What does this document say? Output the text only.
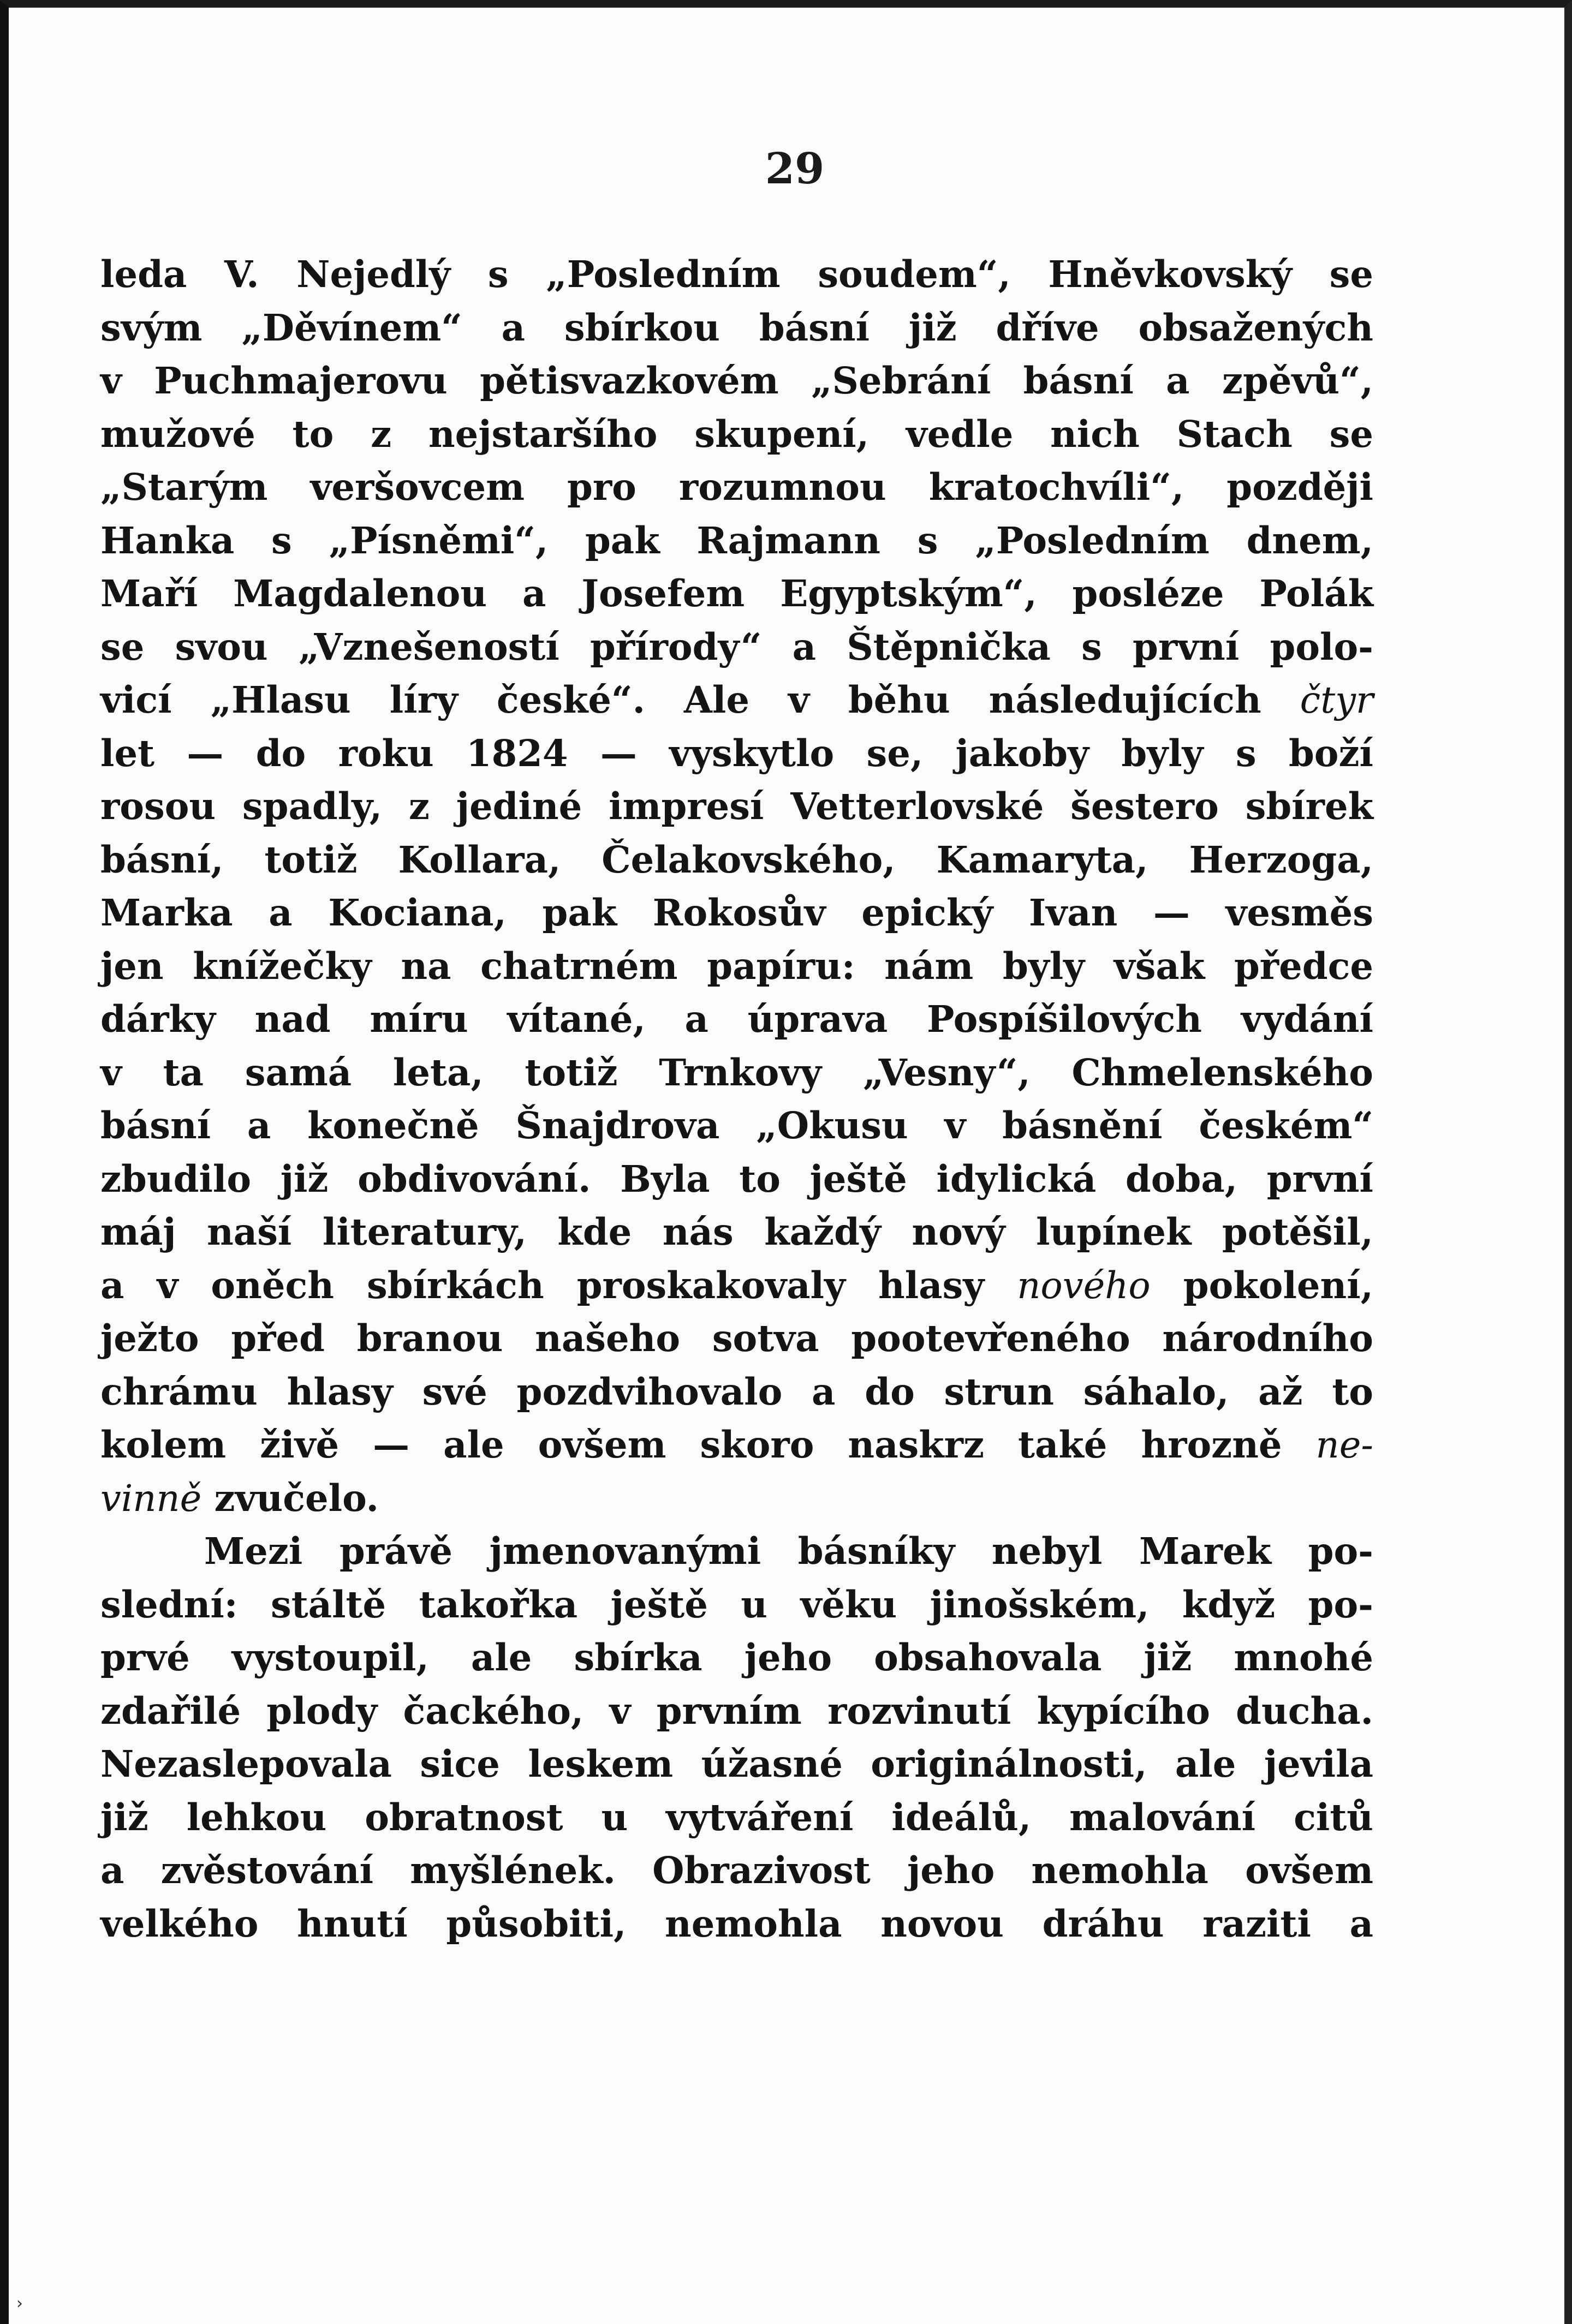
29
leda V. Nejedlý s „Posledním soudem“, Hněvkovský se
svým „Děvínem“ a sbírkou básní již dříve obsažených
v Puchmajerovu pětisvazkovém „Sebrání básní a zpěvů“,
mužové to z nejstaršího skupení, vedle nich Stach se
„Starým veršovcem pro rozumnou kratochvíli“, později
Hanka s „Písněmi“, pak Rajmann s „Posledním dnem,
Maří Magdalenou a Josefem Egyptským“, posléze Polák
se svou „Vznešeností přírody“ a Štěpnička s první polo-
vicí „Hlasu líry české“. Ale v běhu následujících čtyr
let — do roku 1824 — vyskytlo se, jakoby byly s boží
rosou spadly, z jediné impresí Vetterlovské šestero sbírek
básní, totiž Kollara, Čelakovského, Kamaryta, Herzoga,
Marka a Kociana, pak Rokosův epický Ivan — vesměs
jen knížečky na chatrném papíru: nám byly však předce
dárky nad míru vítané, a úprava Pospíšilových vydání
v ta samá leta, totiž Trnkovy „Vesny“, Chmelenského
básní a konečně Šnajdrova „Okusu v básnění českém“
zbudilo již obdivování. Byla to ještě idylická doba, první
máj naší literatury, kde nás každý nový lupínek potěšil,
a v oněch sbírkách proskakovaly hlasy nového pokolení,
ježto před branou našeho sotva pootevřeného národního
chrámu hlasy své pozdvihovalo a do strun sáhalo, až to
kolem živě — ale ovšem skoro naskrz také hrozně ne-
vinně zvučelo.
Mezi právě jmenovanými básníky nebyl Marek po-
slední: stáltě takořka ještě u věku jinošském, když po-
prvé vystoupil, ale sbírka jeho obsahovala již mnohé
zdařilé plody čackého, v prvním rozvinutí kypícího ducha.
Nezaslepovala sice leskem úžasné originálnosti, ale jevila
již lehkou obratnost u vytváření ideálů, malování citů
a zvěstování myšlének. Obrazivost jeho nemohla ovšem
velkého hnutí působiti, nemohla novou dráhu raziti a
›
